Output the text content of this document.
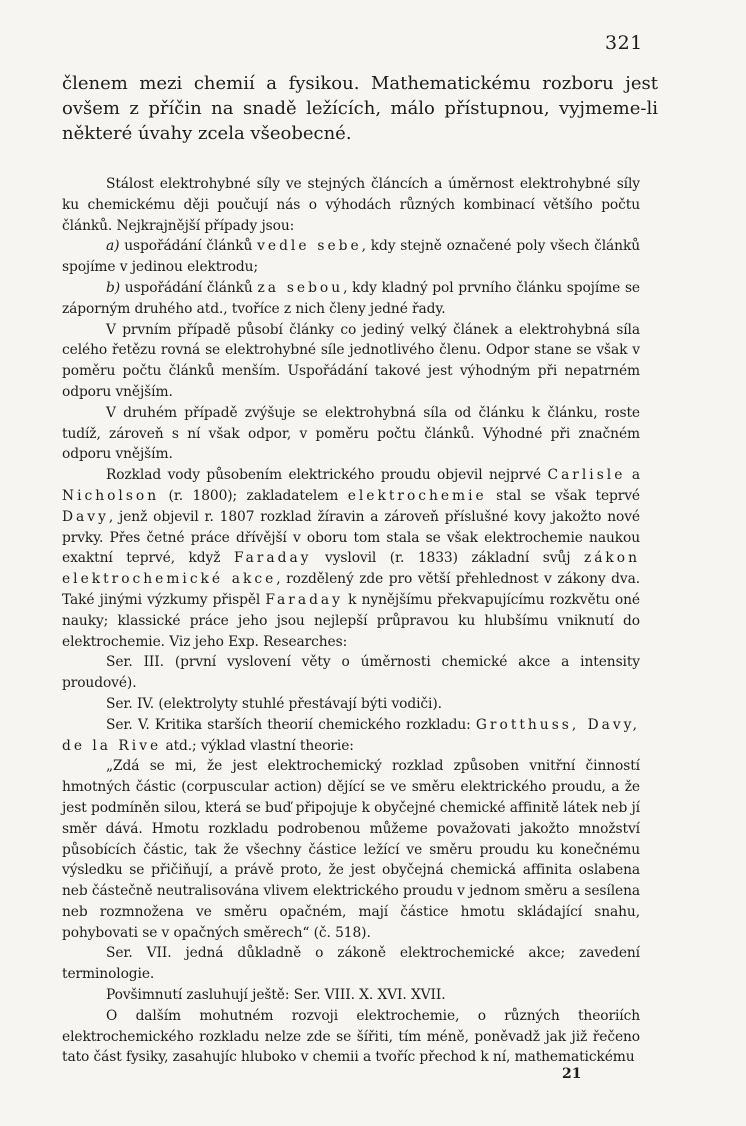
321
členem mezi chemií a fysikou. Mathematickému rozboru jest ovšem z příčin na snadě ležících, málo přístupnou, vyjmeme-li některé úvahy zcela všeobecné.

Stálost elektrohybné síly ve stejných článcích a úměrnost elektrohybné síly ku chemickému ději poučují nás o výhodách různých kombinací většího počtu článků. Nejkrajnější případy jsou:

a) uspořádání článků vedle sebe, kdy stejně označené poly všech článků spojíme v jedinou elektrodu;

b) uspořádání článků za sebou, kdy kladný pol prvního článku spojíme se záporným druhého atd., tvoříce z nich členy jedné řady.

V prvním případě působí články co jediný velký článek a elektrohybná síla celého řetězu rovná se elektrohybné síle jednotlivého členu. Odpor stane se však v poměru počtu článků menším. Uspořádání takové jest výhodným při nepatrném odporu vnějším.

V druhém případě zvýšuje se elektrohybná síla od článku k článku, roste tudíž, zároveň s ní však odpor, v poměru počtu článků. Výhodné při značném odporu vnějším.

Rozklad vody působením elektrického proudu objevil nejprvé Carlisle a Nicholson (r. 1800); zakladatelem elektrochemie stal se však teprvé Davy, jenž objevil r. 1807 rozklad žíravin a zároveň příslušné kovy jakožto nové prvky. Přes četné práce dřívější v oboru tom stala se však elektrochemie naukou exaktní teprvé, když Faraday vyslovil (r. 1833) základní svůj zákon elektrochemické akce, rozdělený zde pro větší přehlednost v zákony dva. Také jinými výzkumy přispěl Faraday k nynějšímu překvapujícímu rozkvětu oné nauky; klassické práce jeho jsou nejlepší průpravou ku hlubšímu vniknutí do elektrochemie. Viz jeho Exp. Researches:

Ser. III. (první vyslovení věty o úměrnosti chemické akce a intensity proudové).

Ser. IV. (elektrolyty stuhlé přestávají býti vodiči).

Ser. V. Kritika starších theorií chemického rozkladu: Grotthuss, Davy, de la Rive atd.; výklad vlastní theorie:

„Zdá se mi, že jest elektrochemický rozklad způsoben vnitřní činností hmotných částic (corpuscular action) dějící se ve směru elektrického proudu, a že jest podmíněn silou, která se buď připojuje k obyčejné chemické affinitě látek neb jí směr dává. Hmotu rozkladu podrobenou můžeme považovati jakožto množství působících částic, tak že všechny částice ležící ve směru proudu ku konečnému výsledku se přičiňují, a právě proto, že jest obyčejná chemická affinita oslabena neb částečně neutralisována vlivem elektrického proudu v jednom směru a sesílena neb rozmnožena ve směru opačném, mají částice hmotu skládající snahu, pohybovati se v opačných směrech“ (č. 518).

Ser. VII. jedná důkladně o zákoně elektrochemické akce; zavedení terminologie.

Povšimnutí zasluhují ještě: Ser. VIII. X. XVI. XVII.

O dalším mohutném rozvoji elektrochemie, o různých theoriích elektrochemického rozkladu nelze zde se šířiti, tím méně, poněvadž jak již řečeno tato část fysiky, zasahujíc hluboko v chemii a tvoříc přechod k ní, mathematickému

21
